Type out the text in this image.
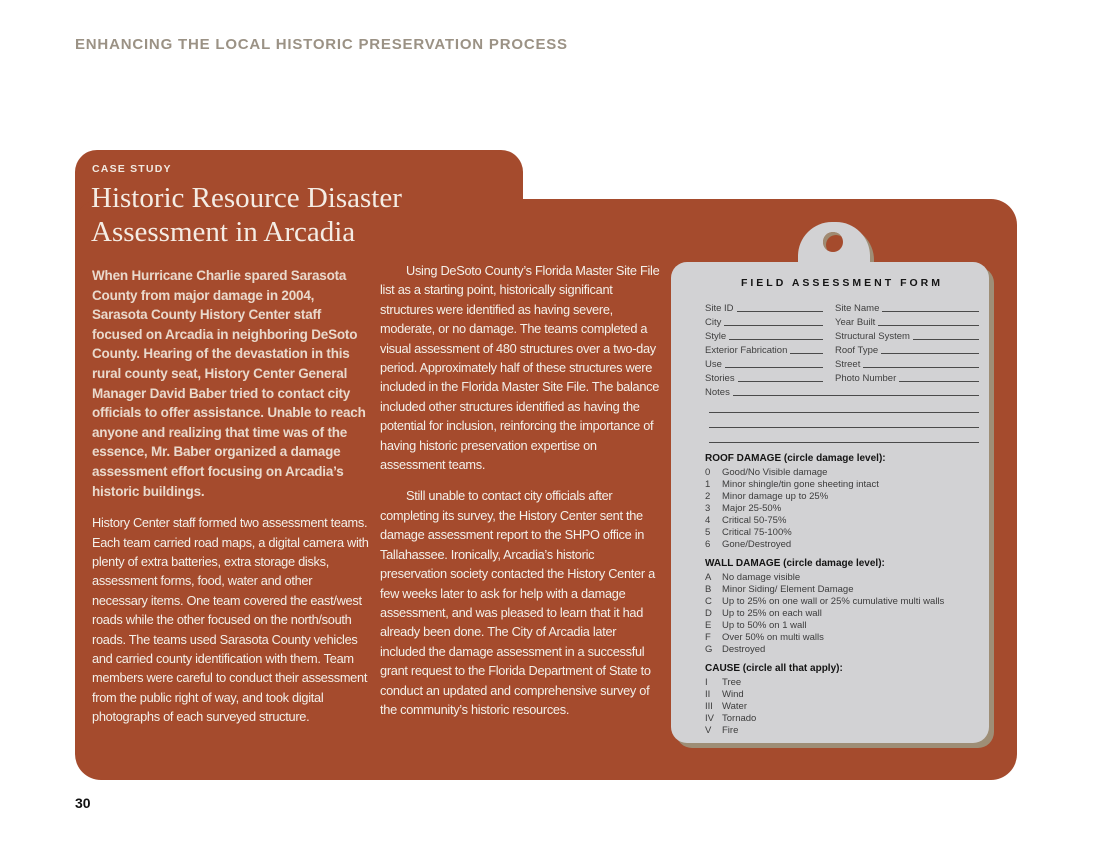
ENHANCING THE LOCAL HISTORIC PRESERVATION PROCESS
CASE STUDY
Historic Resource Disaster
Assessment in Arcadia

When Hurricane Charlie spared Sarasota County from major damage in 2004, Sarasota County History Center staff focused on Arcadia in neighboring DeSoto County. Hearing of the devastation in this rural county seat, History Center General Manager David Baber tried to contact city officials to offer assistance. Unable to reach anyone and realizing that time was of the essence, Mr. Baber organized a damage assessment effort focusing on Arcadia’s historic buildings.

History Center staff formed two assessment teams. Each team carried road maps, a digital camera with plenty of extra batteries, extra storage disks, assessment forms, food, water and other necessary items. One team covered the east/west roads while the other focused on the north/south roads. The teams used Sarasota County vehicles and carried county identification with them. Team members were careful to conduct their assessment from the public right of way, and took digital photographs of each surveyed structure.

Using DeSoto County’s Florida Master Site File list as a starting point, historically significant structures were identified as having severe, moderate, or no damage. The teams completed a visual assessment of 480 structures over a two-day period. Approximately half of these structures were included in the Florida Master Site File. The balance included other structures identified as having the potential for inclusion, reinforcing the importance of having historic preservation expertise on assessment teams.

Still unable to contact city officials after completing its survey, the History Center sent the damage assessment report to the SHPO office in Tallahassee. Ironically, Arcadia’s historic preservation society contacted the History Center a few weeks later to ask for help with a damage assessment, and was pleased to learn that it had already been done. The City of Arcadia later included the damage assessment in a successful grant request to the Florida Department of State to conduct an updated and comprehensive survey of the community’s historic resources.

FIELD ASSESSMENT FORM
Site ID	Site Name
City	Year Built
Style	Structural System
Exterior Fabrication	Roof Type
Use	Street
Stories	Photo Number
Notes
ROOF DAMAGE (circle damage level):
0	Good/No Visible damage
1	Minor shingle/tin gone sheeting intact
2	Minor damage up to 25%
3	Major 25-50%
4	Critical 50-75%
5	Critical 75-100%
6	Gone/Destroyed
WALL DAMAGE (circle damage level):
A	No damage visible
B	Minor Siding/ Element Damage
C	Up to 25% on one wall or 25% cumulative multi walls
D	Up to 25% on each wall
E	Up to 50% on 1 wall
F	Over 50% on multi walls
G	Destroyed
CAUSE (circle all that apply):
I	Tree
II	Wind
III Water
IV Tornado
V	Fire
30
